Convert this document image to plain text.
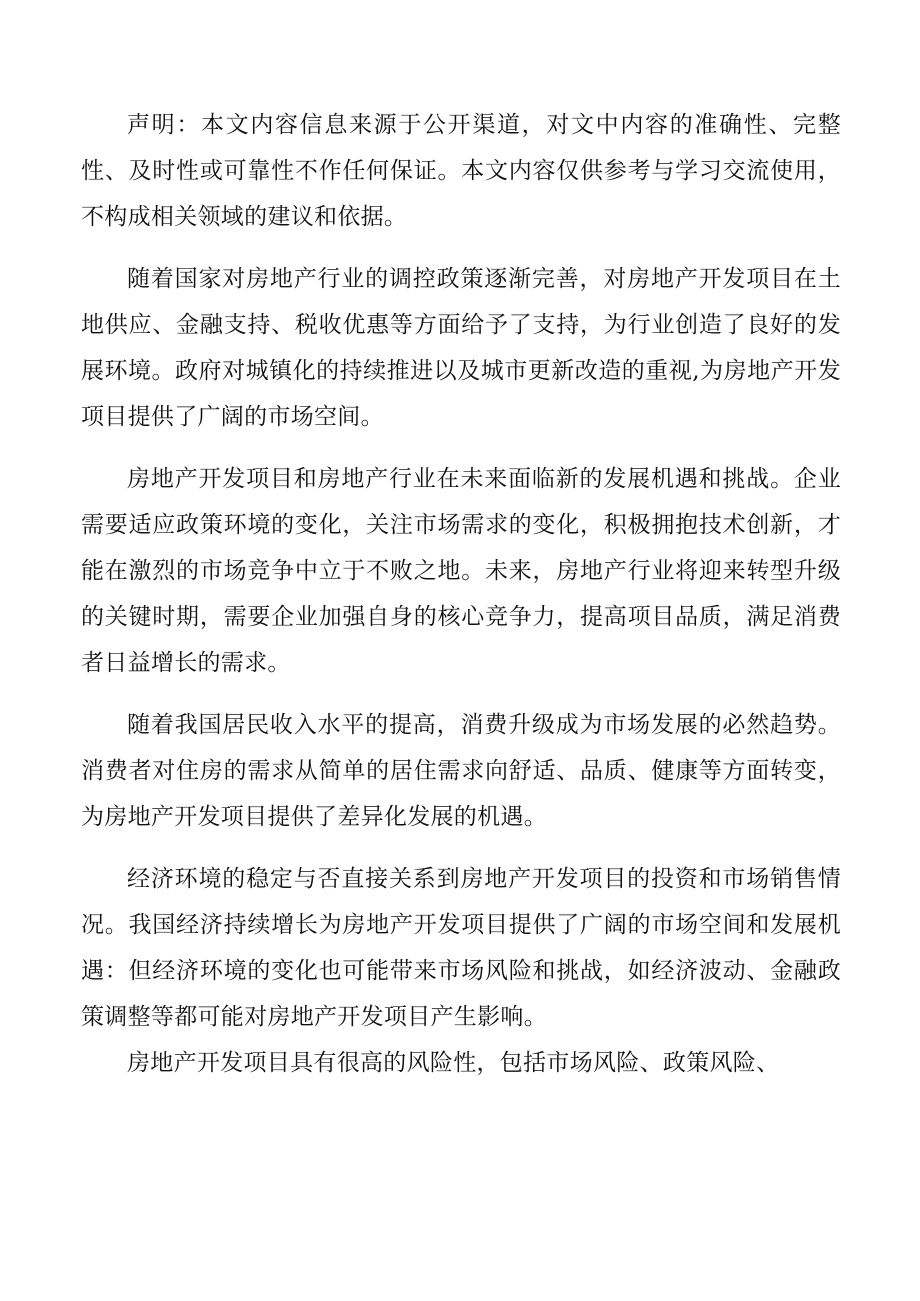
声明：本文内容信息来源于公开渠道，对文中内容的准确性、完整性、及时性或可靠性不作任何保证。本文内容仅供参考与学习交流使用，不构成相关领域的建议和依据。

随着国家对房地产行业的调控政策逐渐完善，对房地产开发项目在土地供应、金融支持、税收优惠等方面给予了支持，为行业创造了良好的发展环境。政府对城镇化的持续推进以及城市更新改造的重视,为房地产开发项目提供了广阔的市场空间。

房地产开发项目和房地产行业在未来面临新的发展机遇和挑战。企业需要适应政策环境的变化，关注市场需求的变化，积极拥抱技术创新，才能在激烈的市场竞争中立于不败之地。未来，房地产行业将迎来转型升级的关键时期，需要企业加强自身的核心竞争力，提高项目品质，满足消费者日益增长的需求。

随着我国居民收入水平的提高，消费升级成为市场发展的必然趋势。消费者对住房的需求从简单的居住需求向舒适、品质、健康等方面转变，为房地产开发项目提供了差异化发展的机遇。

经济环境的稳定与否直接关系到房地产开发项目的投资和市场销售情况。我国经济持续增长为房地产开发项目提供了广阔的市场空间和发展机遇：但经济环境的变化也可能带来市场风险和挑战，如经济波动、金融政策调整等都可能对房地产开发项目产生影响。

房地产开发项目具有很高的风险性，包括市场风险、政策风险、
